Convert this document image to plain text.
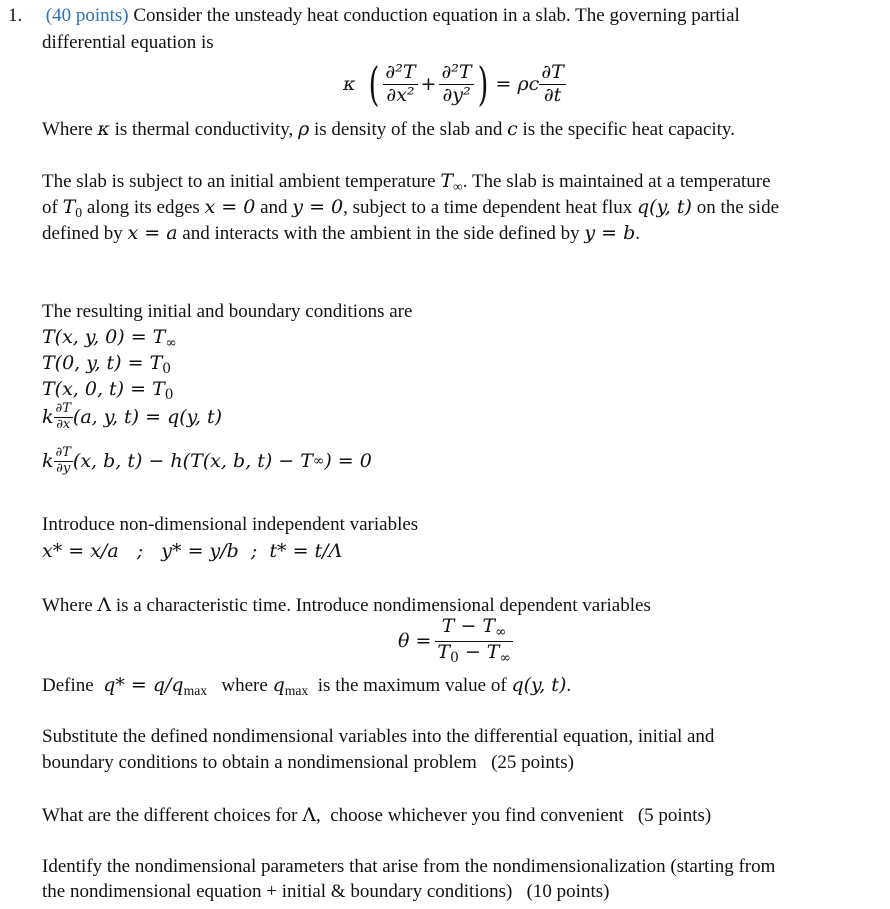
1. (40 points) Consider the unsteady heat conduction equation in a slab. The governing partial
differential equation is
κ ( $\frac{\text{∂²T}}{\text{∂x²}} + \frac{\text{∂²T}}{\text{∂y²}}$ ) = ρc $\frac{\partial T}{\partial t}$
Where κ is thermal conductivity, ρ is density of the slab and c is the specific heat capacity.
The slab is subject to an initial ambient temperature $T_\infty$. The slab is maintained at a temperature
of $T_0$ along its edges x = 0 and y = 0, subject to a time dependent heat flux q(y, t) on the side
defined by x = a and interacts with the ambient in the side defined by y = b.
The resulting initial and boundary conditions are
T(x, y, $0) = T_\infty$
T(0, y, $t) = T_0$
T(x, 0, $t) = T_0$
k $\frac{\partial T}{\partial x} (a$, y, t) = q(y, t)
k $\frac{\partial T}{\partial y} (x$, b, t) − h(T(x, b, t) − T ∞ ) = 0
Introduce non-dimensional independent variables
x* = x/a   ;   y* = y/b  ;  t* = t/Λ
Where Λ is a characteristic time. Introduce nondimensional dependent variables
$\theta = \frac{T - T_\infty}{T_0 - T_\infty}$
Define  $q* = q/q_{max}$   where $q_{max}$  is the maximum value of q(y, t).
Substitute the defined nondimensional variables into the differential equation, initial and
boundary conditions to obtain a nondimensional problem   (25 points)
What are the different choices for Λ,  choose whichever you find convenient   (5 points)
Identify the nondimensional parameters that arise from the nondimensionalization (starting from
the nondimensional equation + initial & boundary conditions)   (10 points)
